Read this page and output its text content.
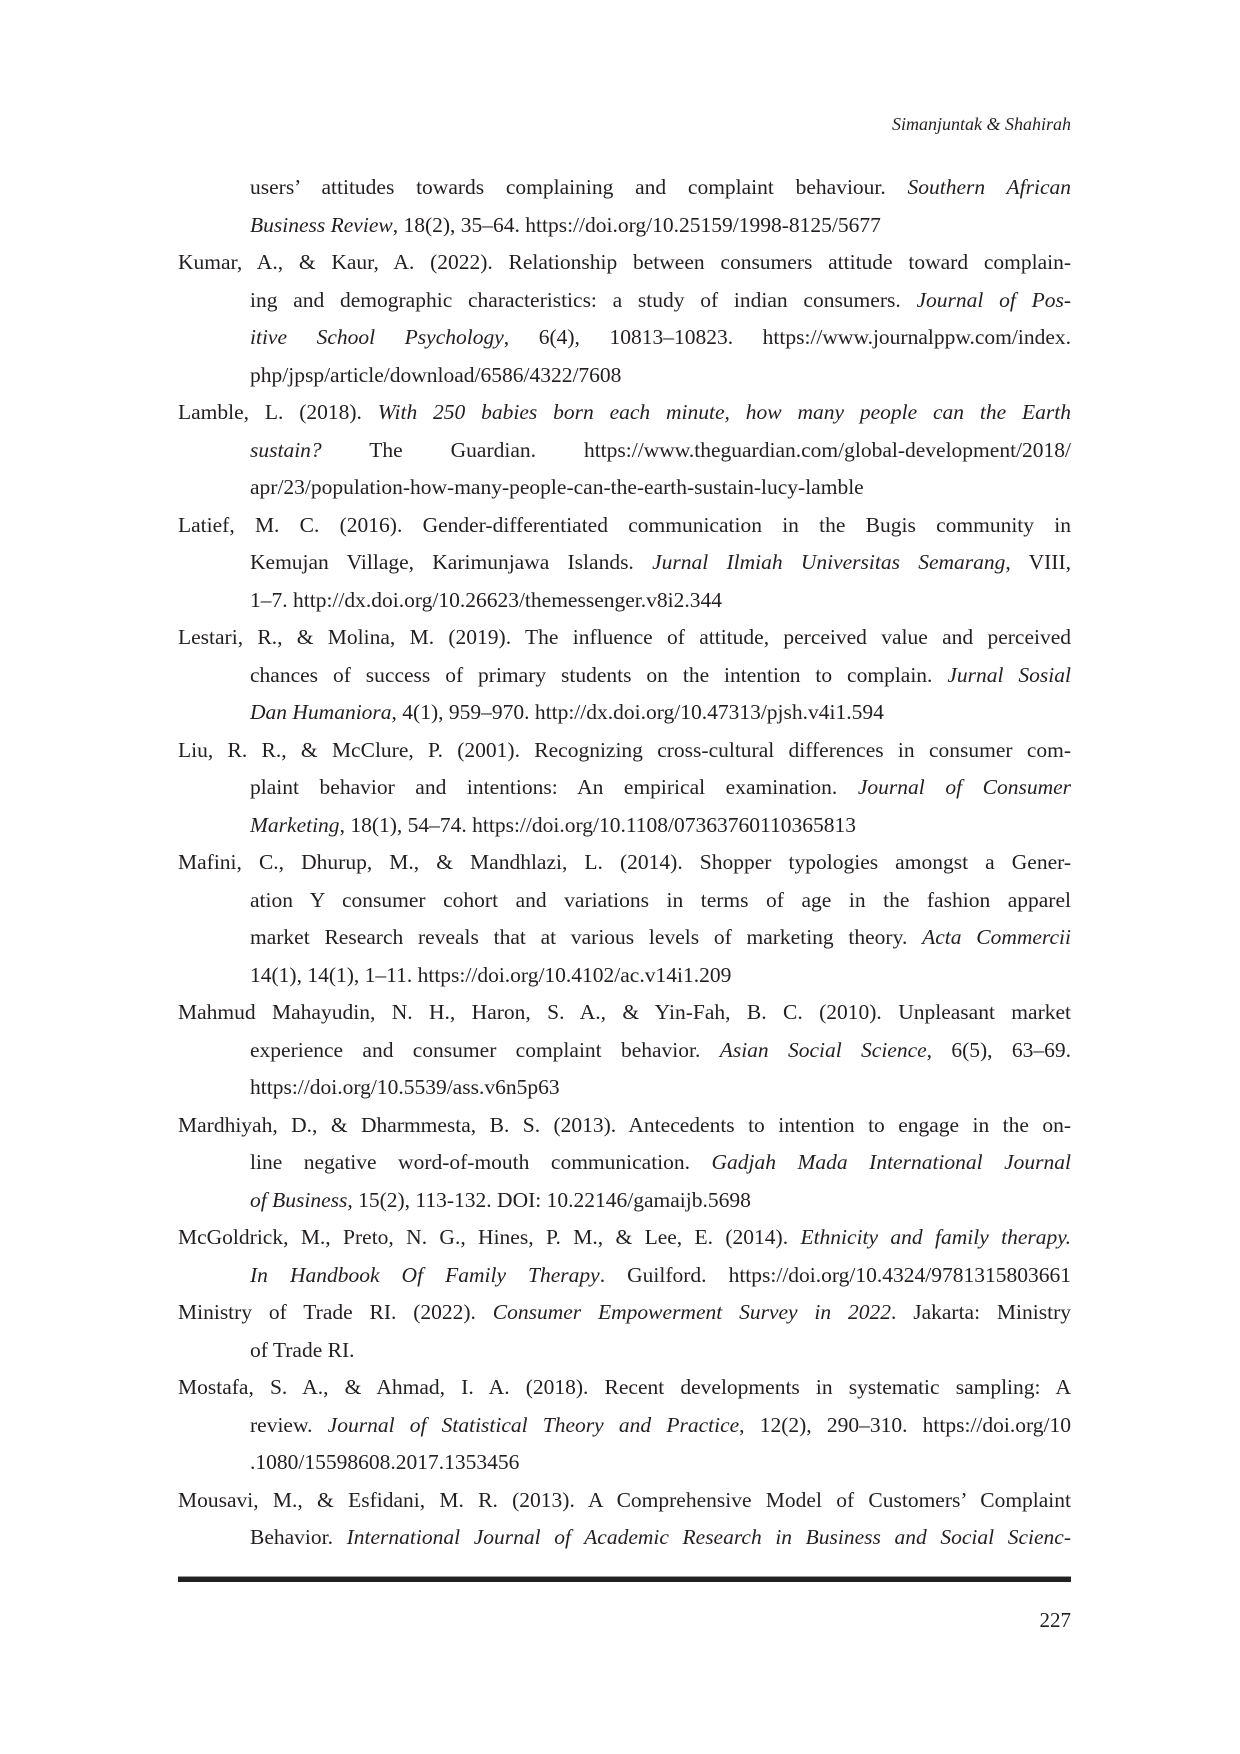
Simanjuntak & Shahirah
users’ attitudes towards complaining and complaint behaviour. Southern African
Business Review, 18(2), 35–64. https://doi.org/10.25159/1998-8125/5677
Kumar, A., & Kaur, A. (2022). Relationship between consumers attitude toward complain-
ing and demographic characteristics: a study of indian consumers. Journal of Pos-
itive School Psychology, 6(4), 10813–10823. https://www.journalppw.com/index.
php/jpsp/article/download/6586/4322/7608
Lamble, L. (2018). With 250 babies born each minute, how many people can the Earth
sustain? The Guardian. https://www.theguardian.com/global-development/2018/
apr/23/population-how-many-people-can-the-earth-sustain-lucy-lamble
Latief, M. C. (2016). Gender-differentiated communication in the Bugis community in
Kemujan Village, Karimunjawa Islands. Jurnal Ilmiah Universitas Semarang, VIII,
1–7. http://dx.doi.org/10.26623/themessenger.v8i2.344
Lestari, R., & Molina, M. (2019). The influence of attitude, perceived value and perceived
chances of success of primary students on the intention to complain. Jurnal Sosial
Dan Humaniora, 4(1), 959–970. http://dx.doi.org/10.47313/pjsh.v4i1.594
Liu, R. R., & McClure, P. (2001). Recognizing cross-cultural differences in consumer com-
plaint behavior and intentions: An empirical examination. Journal of Consumer
Marketing, 18(1), 54–74. https://doi.org/10.1108/07363760110365813
Mafini, C., Dhurup, M., & Mandhlazi, L. (2014). Shopper typologies amongst a Gener-
ation Y consumer cohort and variations in terms of age in the fashion apparel
market Research reveals that at various levels of marketing theory. Acta Commercii
14(1), 14(1), 1–11. https://doi.org/10.4102/ac.v14i1.209
Mahmud Mahayudin, N. H., Haron, S. A., & Yin-Fah, B. C. (2010). Unpleasant market
experience and consumer complaint behavior. Asian Social Science, 6(5), 63–69.
https://doi.org/10.5539/ass.v6n5p63
Mardhiyah, D., & Dharmmesta, B. S. (2013). Antecedents to intention to engage in the on-
line negative word-of-mouth communication. Gadjah Mada International Journal
of Business, 15(2), 113-132. DOI: 10.22146/gamaijb.5698
McGoldrick, M., Preto, N. G., Hines, P. M., & Lee, E. (2014). Ethnicity and family therapy.
In Handbook Of Family Therapy. Guilford. https://doi.org/10.4324/9781315803661
Ministry of Trade RI. (2022). Consumer Empowerment Survey in 2022. Jakarta: Ministry
of Trade RI.
Mostafa, S. A., & Ahmad, I. A. (2018). Recent developments in systematic sampling: A
review. Journal of Statistical Theory and Practice, 12(2), 290–310. https://doi.org/10
.1080/15598608.2017.1353456
Mousavi, M., & Esfidani, M. R. (2013). A Comprehensive Model of Customers’ Complaint
Behavior. International Journal of Academic Research in Business and Social Scienc-
227
